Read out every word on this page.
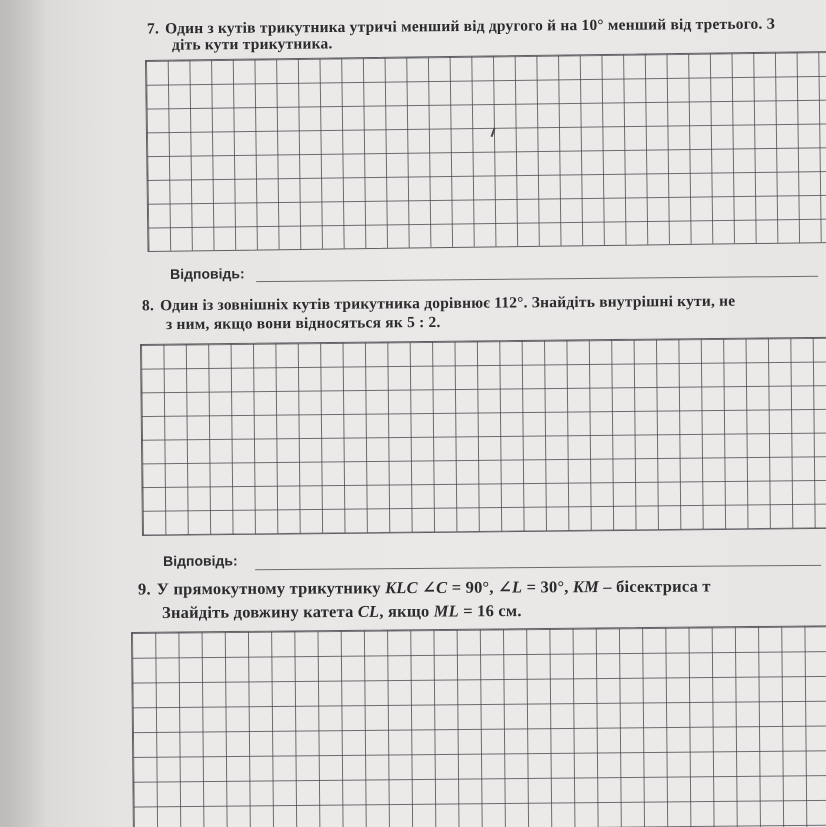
7. Один з кутів трикутника утричі менший від другого й на 10° менший від третього. З
діть кути трикутника.
Відповідь:
8. Один із зовнішніх кутів трикутника дорівнює 112°. Знайдіть внутрішні кути, не
з ним, якщо вони відносяться як 5 : 2.
Відповідь:
9. У прямокутному трикутнику KLC ∠C = 90°, ∠L = 30°, KM – бісектриса т
Знайдіть довжину катета CL, якщо ML = 16 см.
